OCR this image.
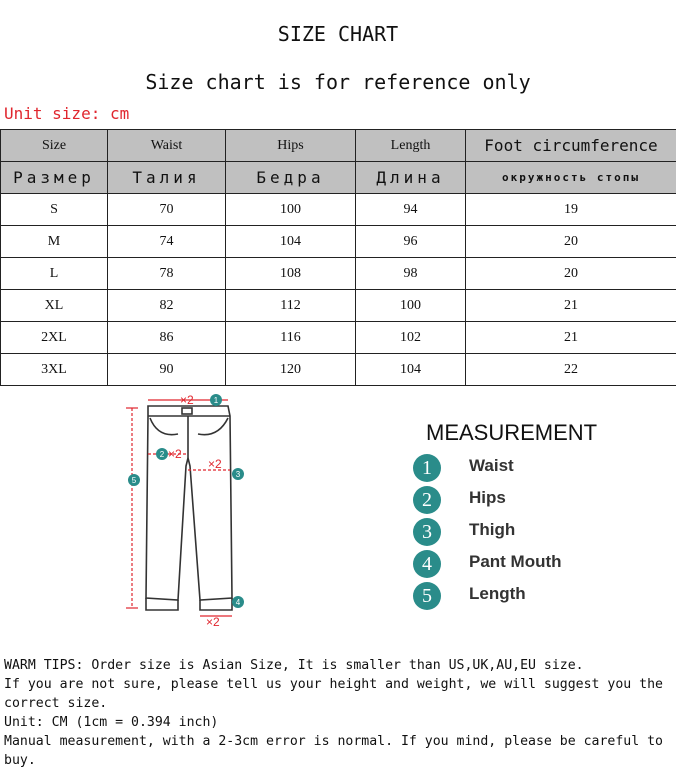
SIZE CHART
Size chart is for reference only
Unit size: cm
Size	Waist	Hips	Length	Foot circumference
Размер	Талия	Бедра	Длина	окружность стопы
S	70	100	94	19
M	74	104	96	20
L	78	108	98	20
XL	82	112	100	21
2XL	86	116	102	21
3XL	90	120	104	22
×2
×2
×2
×2
1
2
3
4
5
MEASUREMENT
1	Waist
2	Hips
3	Thigh
4	Pant Mouth
5	Length
WARM TIPS: Order size is Asian Size, It is smaller than US,UK,AU,EU size.
If you are not sure, please tell us your height and weight, we will suggest you the correct size.
Unit: CM (1cm = 0.394 inch)
Manual measurement, with a 2-3cm error is normal. If you mind, please be careful to buy.
